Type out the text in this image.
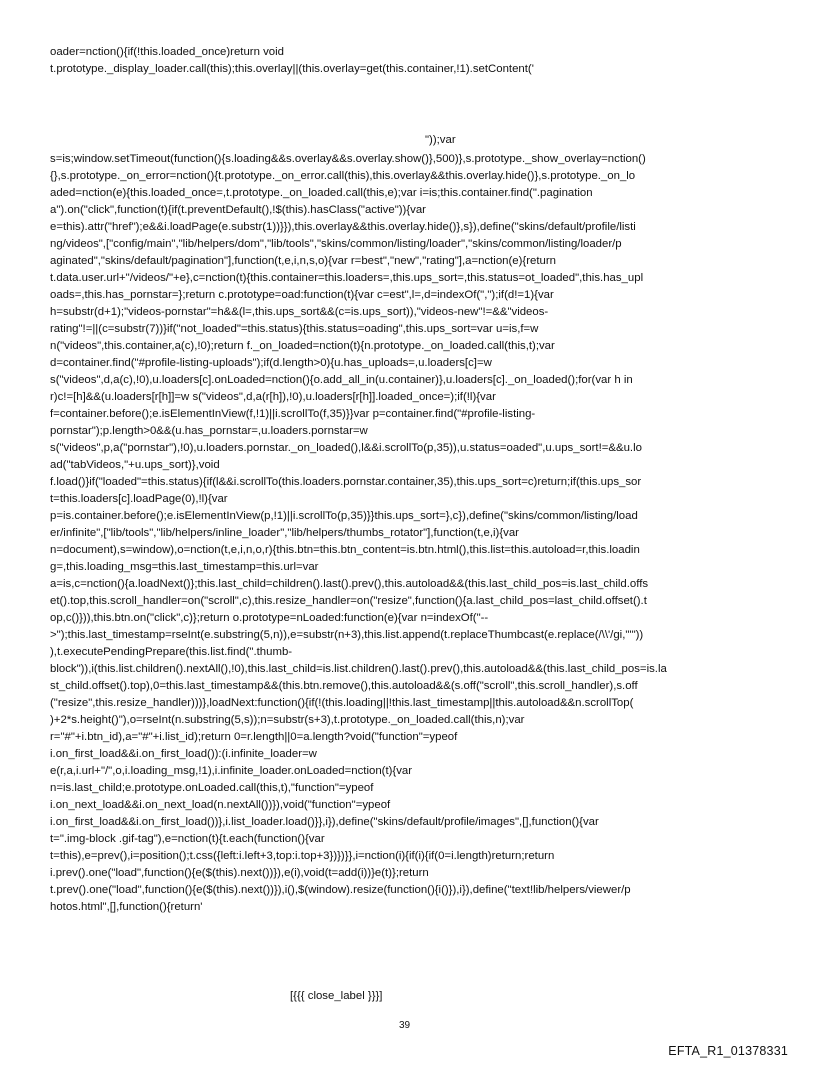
oader=nction(){if(!this.loaded_once)return void
t.prototype._display_loader.call(this);this.overlay||(this.overlay=get(this.container,!1).setContent('
"));var
s=is;window.setTimeout(function(){s.loading&&s.overlay&&s.overlay.show()},500)},s.prototype._show_overlay=nction()
{},s.prototype._on_error=nction(){t.prototype._on_error.call(this),this.overlay&&this.overlay.hide()},s.prototype._on_lo
aded=nction(e){this.loaded_once=,t.prototype._on_loaded.call(this,e);var i=is;this.container.find(".pagination
a").on("click",function(t){if(t.preventDefault(),!$(this).hasClass("active")){var
e=this).attr("href");e&&i.loadPage(e.substr(1))}}),this.overlay&&this.overlay.hide()},s}),define("skins/default/profile/listi
ng/videos",["config/main","lib/helpers/dom","lib/tools","skins/common/listing/loader","skins/common/listing/loader/p
aginated","skins/default/pagination"],function(t,e,i,n,s,o){var r=best","new","rating"],a=nction(e){return
t.data.user.url+"/videos/"+e},c=nction(t){this.container=this.loaders=,this.ups_sort=,this.status=ot_loaded",this.has_upl
oads=,this.has_pornstar=};return c.prototype=oad:function(t){var c=est",l=,d=indexOf(",");if(d!=1){var
h=substr(d+1);"videos-pornstar"=h&&(l=,this.ups_sort&&(c=is.ups_sort)),"videos-new"!=&&"videos-
rating"!=||(c=substr(7))}if("not_loaded"=this.status){this.status=oading",this.ups_sort=var u=is,f=w
n("videos",this.container,a(c),!0);return f._on_loaded=nction(t){n.prototype._on_loaded.call(this,t);var
d=container.find("#profile-listing-uploads");if(d.length>0){u.has_uploads=,u.loaders[c]=w
s("videos",d,a(c),!0),u.loaders[c].onLoaded=nction(){o.add_all_in(u.container)},u.loaders[c]._on_loaded();for(var h in
r)c!=[h]&&(u.loaders[r[h]]=w s("videos",d,a(r[h]),!0),u.loaders[r[h]].loaded_once=);if(!l){var
f=container.before();e.isElementInView(f,!1)||i.scrollTo(f,35)}}var p=container.find("#profile-listing-
pornstar");p.length>0&&(u.has_pornstar=,u.loaders.pornstar=w
s("videos",p,a("pornstar"),!0),u.loaders.pornstar._on_loaded(),l&&i.scrollTo(p,35)),u.status=oaded",u.ups_sort!=&&u.lo
ad("tabVideos,"+u.ups_sort)},void
f.load()}if("loaded"=this.status){if(l&&i.scrollTo(this.loaders.pornstar.container,35),this.ups_sort=c)return;if(this.ups_sor
t=this.loaders[c].loadPage(0),!l){var
p=is.container.before();e.isElementInView(p,!1)||i.scrollTo(p,35)}}this.ups_sort=},c}),define("skins/common/listing/load
er/infinite",["lib/tools","lib/helpers/inline_loader","lib/helpers/thumbs_rotator"],function(t,e,i){var
n=document),s=window),o=nction(t,e,i,n,o,r){this.btn=this.btn_content=is.btn.html(),this.list=this.autoload=r,this.loadin
g=,this.loading_msg=this.last_timestamp=this.url=var
a=is,c=nction(){a.loadNext()};this.last_child=children().last().prev(),this.autoload&&(this.last_child_pos=is.last_child.offs
et().top,this.scroll_handler=on("scroll",c),this.resize_handler=on("resize",function(){a.last_child_pos=last_child.offset().t
op,c()})),this.btn.on("click",c)};return o.prototype=nLoaded:function(e){var n=indexOf("--
>");this.last_timestamp=rseInt(e.substring(5,n)),e=substr(n+3),this.list.append(t.replaceThumbcast(e.replace(/\\'/gi,"'"))
),t.executePendingPrepare(this.list.find(".thumb-
block")),i(this.list.children().nextAll(),!0),this.last_child=is.list.children().last().prev(),this.autoload&&(this.last_child_pos=is.la
st_child.offset().top),0=this.last_timestamp&&(this.btn.remove(),this.autoload&&(s.off("scroll",this.scroll_handler),s.off
("resize",this.resize_handler)))},loadNext:function(){if(!(this.loading||!this.last_timestamp||this.autoload&&n.scrollTop(
)+2*s.height()"),o=rseInt(n.substring(5,s));n=substr(s+3),t.prototype._on_loaded.call(this,n);var
r="#"+i.btn_id),a="#"+i.list_id);return 0=r.length||0=a.length?void("function"=ypeof
i.on_first_load&&i.on_first_load()):(i.infinite_loader=w
e(r,a,i.url+"/",o,i.loading_msg,!1),i.infinite_loader.onLoaded=nction(t){var
n=is.last_child;e.prototype.onLoaded.call(this,t),"function"=ypeof
i.on_next_load&&i.on_next_load(n.nextAll())}),void("function"=ypeof
i.on_first_load&&i.on_first_load())},i.list_loader.load()}},i}),define("skins/default/profile/images",[],function(){var
t=".img-block .gif-tag"),e=nction(t){t.each(function(){var
t=this),e=prev(),i=position();t.css({left:i.left+3,top:i.top+3})})}},i=nction(i){if(i){if(0=i.length)return;return
i.prev().one("load",function(){e($(this).next())}),e(i),void(t=add(i))}e(t)};return
t.prev().one("load",function(){e($(this).next())}),i(),$(window).resize(function(){i()}),i}),define("text!lib/helpers/viewer/p
hotos.html",[],function(){return'
[{{{ close_label }}}]
39
EFTA_R1_01378331
